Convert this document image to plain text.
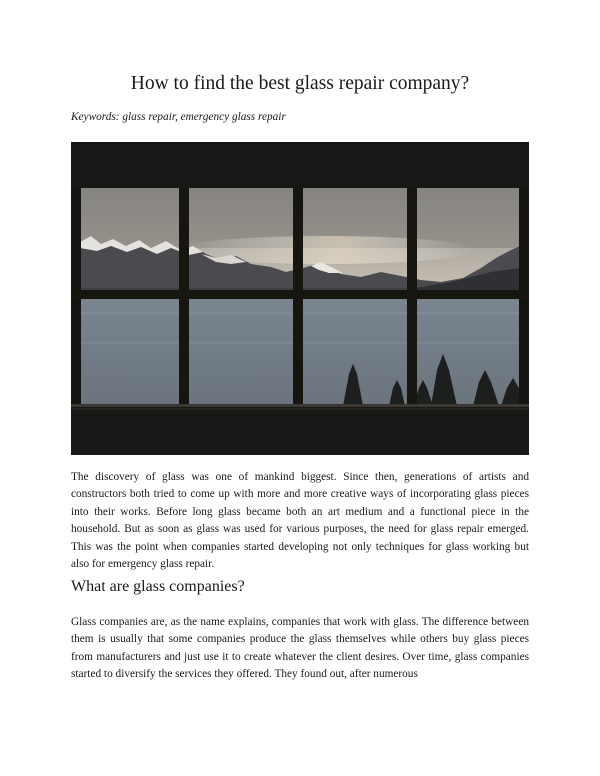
How to find the best glass repair company?

Keywords: glass repair, emergency glass repair

The discovery of glass was one of mankind biggest. Since then, generations of artists and constructors both tried to come up with more and more creative ways of incorporating glass pieces into their works. Before long glass became both an art medium and a functional piece in the household. But as soon as glass was used for various purposes, the need for glass repair emerged. This was the point when companies started developing not only techniques for glass working but also for emergency glass repair.

What are glass companies?

Glass companies are, as the name explains, companies that work with glass. The difference between them is usually that some companies produce the glass themselves while others buy glass pieces from manufacturers and just use it to create whatever the client desires. Over time, glass companies started to diversify the services they offered. They found out, after numerous
